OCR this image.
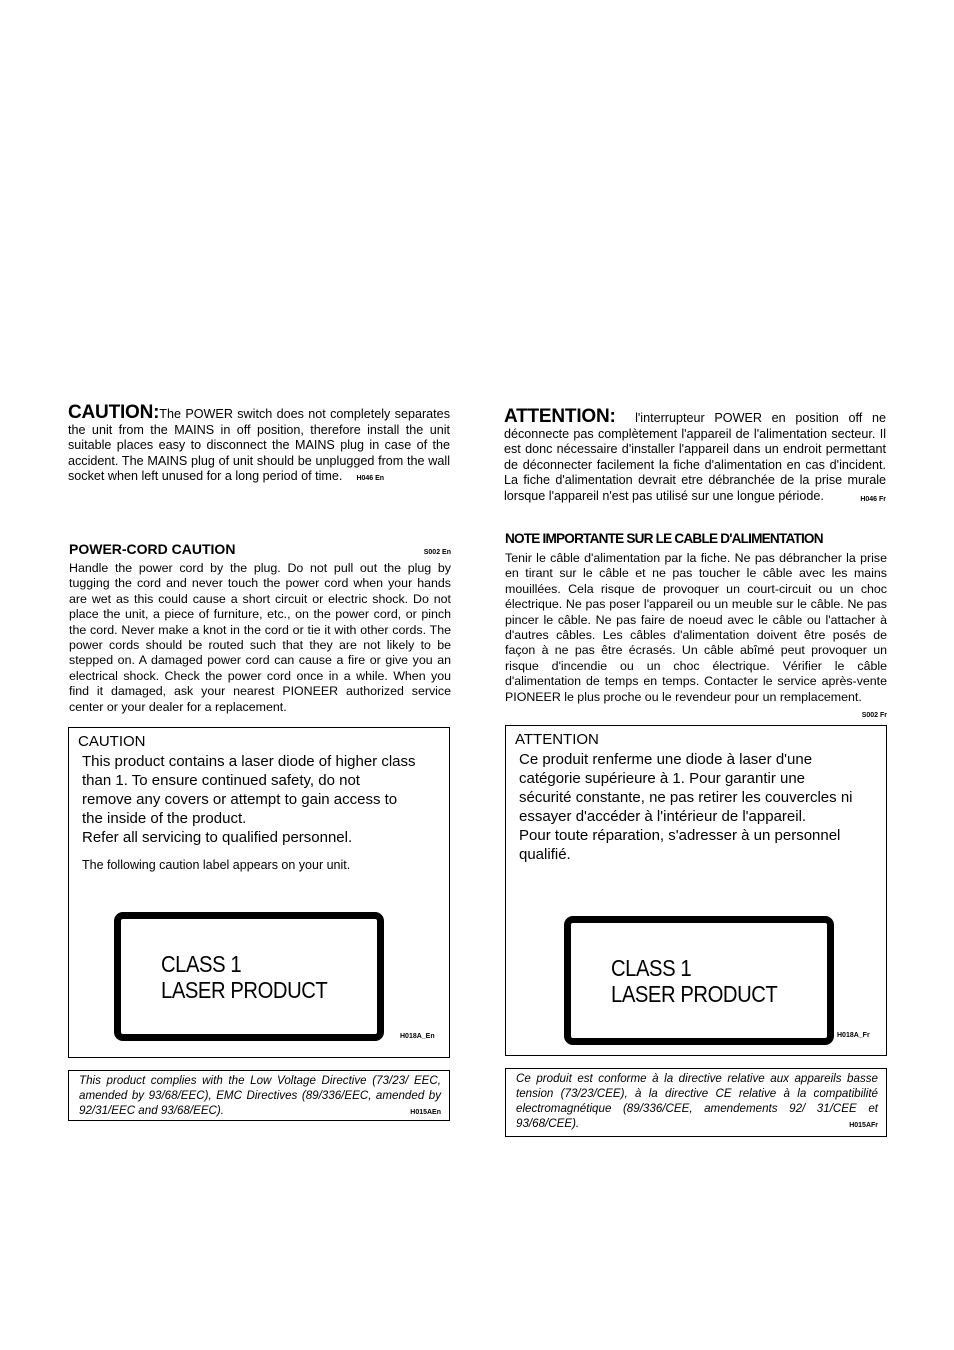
CAUTION:The POWER switch does not completely separates the unit from the MAINS in off position, therefore install the unit suitable places easy to disconnect the MAINS plug in case of the accident. The MAINS plug of unit should be unplugged from the wall socket when left unused for a long period of time. H046 En
POWER-CORD CAUTION	S002 En
Handle the power cord by the plug. Do not pull out the plug by tugging the cord and never touch the power cord when your hands are wet as this could cause a short circuit or electric shock. Do not place the unit, a piece of furniture, etc., on the power cord, or pinch the cord. Never make a knot in the cord or tie it with other cords. The power cords should be routed such that they are not likely to be stepped on. A damaged power cord can cause a fire or give you an electrical shock. Check the power cord once in a while. When you find it damaged, ask your nearest PIONEER authorized service center or your dealer for a replacement.
CAUTION
This product contains a laser diode of higher class
than 1. To ensure continued safety, do not
remove any covers or attempt to gain access to
the inside of the product.
Refer all servicing to qualified personnel.
The following caution label appears on your unit.
CLASS 1
LASER PRODUCT
H018A_En
This product complies with the Low Voltage Directive (73/23/ EEC, amended by 93/68/EEC), EMC Directives (89/336/EEC, amended by 92/31/EEC and 93/68/EEC).	H015AEn
ATTENTION: l'interrupteur POWER en position off ne déconnecte pas complètement l'appareil de l'alimentation secteur. Il est donc nécessaire d'installer l'appareil dans un endroit permettant de déconnecter facilement la fiche d'alimentation en cas d'incident. La fiche d'alimentation devrait etre débranchée de la prise murale lorsque l'appareil n'est pas utilisé sur une longue période.	H046 Fr
NOTE IMPORTANTE SUR LE CABLE D'ALIMENTATION
Tenir le câble d'alimentation par la fiche. Ne pas débrancher la prise en tirant sur le câble et ne pas toucher le câble avec les mains mouillées. Cela risque de provoquer un court-circuit ou un choc électrique. Ne pas poser l'appareil ou un meuble sur le câble. Ne pas pincer le câble. Ne pas faire de noeud avec le câble ou l'attacher à d'autres câbles. Les câbles d'alimentation doivent être posés de façon à ne pas être écrasés. Un câble abîmé peut provoquer un risque d'incendie ou un choc électrique. Vérifier le câble d'alimentation de temps en temps. Contacter le service après-vente PIONEER le plus proche ou le revendeur pour un remplacement.
S002 Fr
ATTENTION
Ce produit renferme une diode à laser d'une
catégorie supérieure à 1. Pour garantir une
sécurité constante, ne pas retirer les couvercles ni
essayer d'accéder à l'intérieur de l'appareil.
Pour toute réparation, s'adresser à un personnel
qualifié.
CLASS 1
LASER PRODUCT
H018A_Fr
Ce produit est conforme à la directive relative aux appareils basse tension (73/23/CEE), à la directive CE relative à la compatibilité electromagnétique (89/336/CEE, amendements 92/ 31/CEE et 93/68/CEE).	H015AFr
